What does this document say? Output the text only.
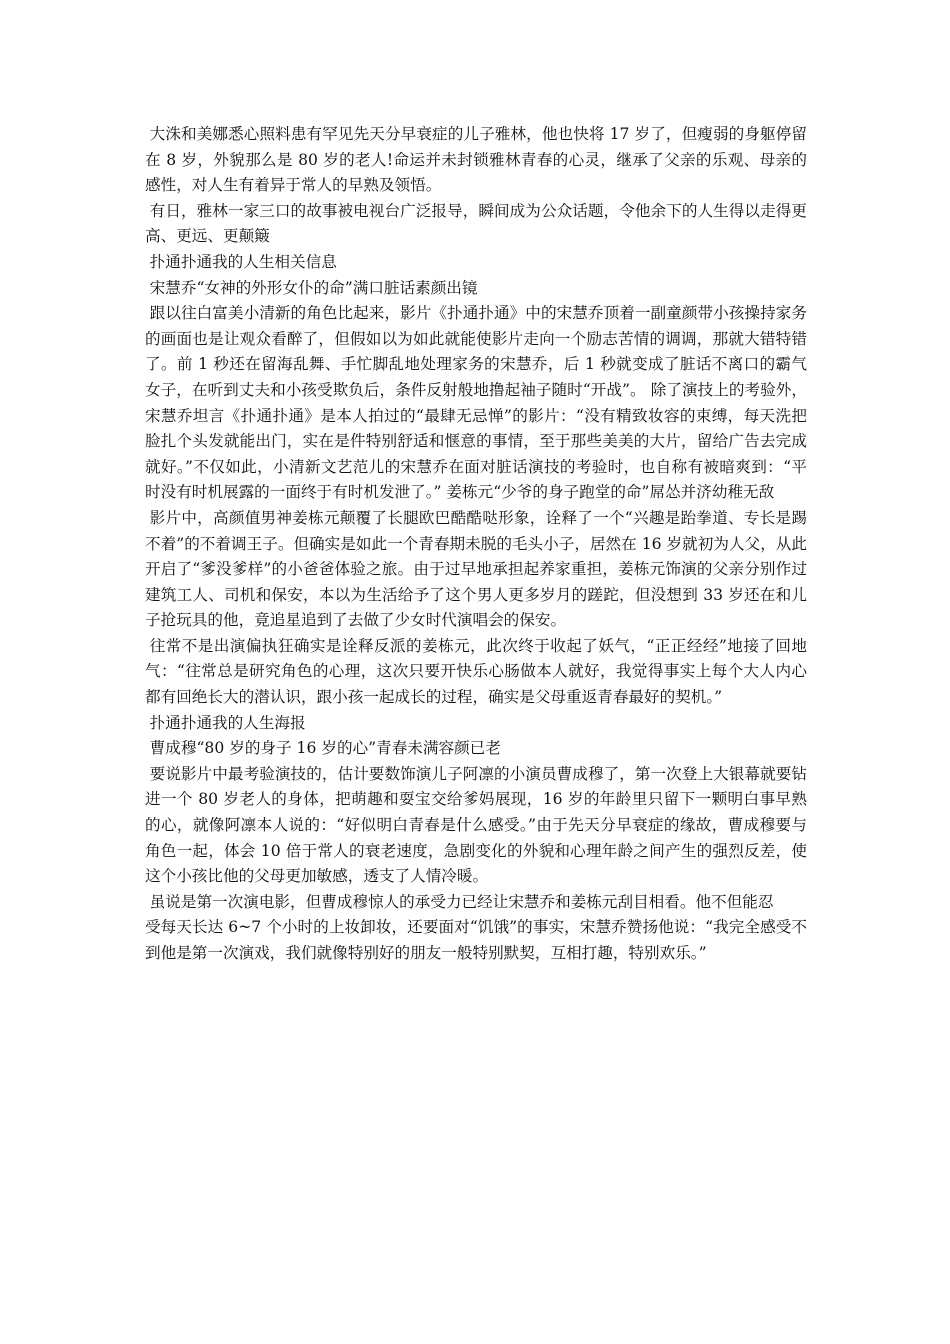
大洙和美娜悉心照料患有罕见先天分早衰症的儿子雅林，他也快将 17 岁了，但瘦弱的身躯停留在 8 岁，外貌那么是 80 岁的老人!命运并未封锁雅林青春的心灵，继承了父亲的乐观、母亲的感性，对人生有着异于常人的早熟及领悟。

有日，雅林一家三口的故事被电视台广泛报导，瞬间成为公众话题，令他余下的人生得以走得更高、更远、更颠簸

扑通扑通我的人生相关信息

宋慧乔“女神的外形女仆的命”满口脏话素颜出镜

跟以往白富美小清新的角色比起来，影片《扑通扑通》中的宋慧乔顶着一副童颜带小孩操持家务的画面也是让观众看醉了，但假如以为如此就能使影片走向一个励志苦情的调调，那就大错特错了。前 1 秒还在留海乱舞、手忙脚乱地处理家务的宋慧乔，后 1 秒就变成了脏话不离口的霸气女子，在听到丈夫和小孩受欺负后，条件反射般地撸起袖子随时“开战”。 除了演技上的考验外，宋慧乔坦言《扑通扑通》是本人拍过的“最肆无忌惮”的影片：“没有精致妆容的束缚，每天洗把脸扎个头发就能出门，实在是件特别舒适和惬意的事情，至于那些美美的大片，留给广告去完成就好。”不仅如此，小清新文艺范儿的宋慧乔在面对脏话演技的考验时，也自称有被暗爽到：“平时没有时机展露的一面终于有时机发泄了。” 姜栋元“少爷的身子跑堂的命”屌怂并济幼稚无敌

影片中，高颜值男神姜栋元颠覆了长腿欧巴酷酷哒形象，诠释了一个“兴趣是跆拳道、专长是踢不着”的不着调王子。但确实是如此一个青春期未脱的毛头小子，居然在 16 岁就初为人父，从此开启了“爹没爹样”的小爸爸体验之旅。由于过早地承担起养家重担，姜栋元饰演的父亲分别作过建筑工人、司机和保安，本以为生活给予了这个男人更多岁月的蹉跎，但没想到 33 岁还在和儿子抢玩具的他，竟追星追到了去做了少女时代演唱会的保安。

往常不是出演偏执狂确实是诠释反派的姜栋元，此次终于收起了妖气，“正正经经”地接了回地气：“往常总是研究角色的心理，这次只要开快乐心肠做本人就好，我觉得事实上每个大人内心都有回绝长大的潜认识，跟小孩一起成长的过程，确实是父母重返青春最好的契机。”

扑通扑通我的人生海报

曹成穆“80 岁的身子 16 岁的心”青春未满容颜已老

要说影片中最考验演技的，估计要数饰演儿子阿凛的小演员曹成穆了，第一次登上大银幕就要钻进一个 80 岁老人的身体，把萌趣和耍宝交给爹妈展现，16 岁的年龄里只留下一颗明白事早熟的心，就像阿凛本人说的：“好似明白青春是什么感受。”由于先天分早衰症的缘故，曹成穆要与角色一起，体会 10 倍于常人的衰老速度，急剧变化的外貌和心理年龄之间产生的强烈反差，使这个小孩比他的父母更加敏感，透支了人情冷暖。

虽说是第一次演电影，但曹成穆惊人的承受力已经让宋慧乔和姜栋元刮目相看。他不但能忍

受每天长达 6~7 个小时的上妆卸妆，还要面对“饥饿”的事实，宋慧乔赞扬他说：“我完全感受不到他是第一次演戏，我们就像特别好的朋友一般特别默契，互相打趣，特别欢乐。”
